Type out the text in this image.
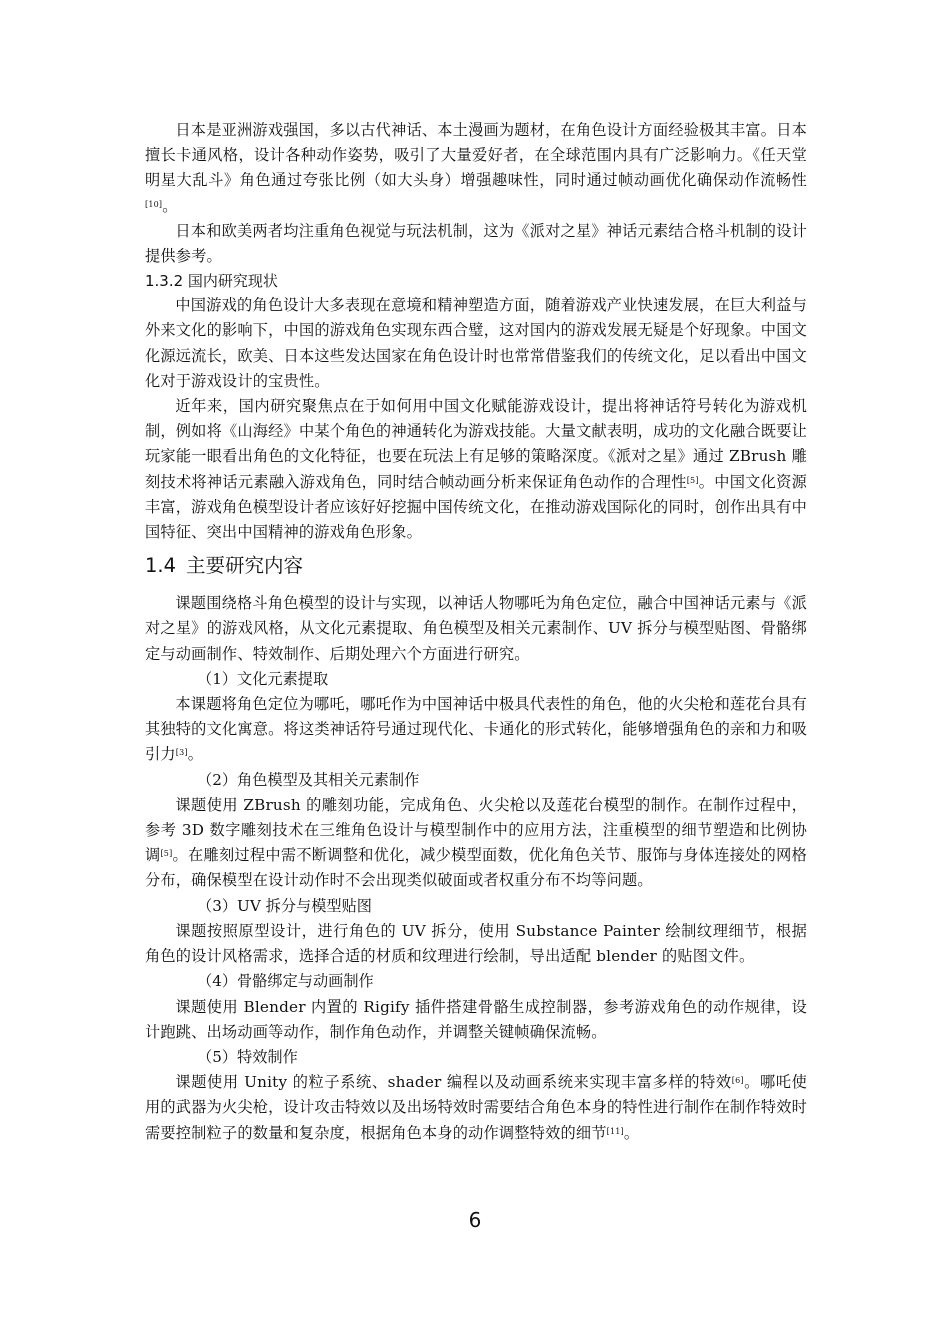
日本是亚洲游戏强国，多以古代神话、本土漫画为题材，在角色设计方面经验极其丰富。日本擅长卡通风格，设计各种动作姿势，吸引了大量爱好者，在全球范围内具有广泛影响力。《任天堂明星大乱斗》角色通过夸张比例（如大头身）增强趣味性，同时通过帧动画优化确保动作流畅性[10]。

日本和欧美两者均注重角色视觉与玩法机制，这为《派对之星》神话元素结合格斗机制的设计提供参考。

1.3.2 国内研究现状

中国游戏的角色设计大多表现在意境和精神塑造方面，随着游戏产业快速发展，在巨大利益与外来文化的影响下，中国的游戏角色实现东西合璧，这对国内的游戏发展无疑是个好现象。中国文化源远流长，欧美、日本这些发达国家在角色设计时也常常借鉴我们的传统文化，足以看出中国文化对于游戏设计的宝贵性。

近年来，国内研究聚焦点在于如何用中国文化赋能游戏设计，提出将神话符号转化为游戏机制，例如将《山海经》中某个角色的神通转化为游戏技能。大量文献表明，成功的文化融合既要让玩家能一眼看出角色的文化特征，也要在玩法上有足够的策略深度。《派对之星》通过 ZBrush 雕刻技术将神话元素融入游戏角色，同时结合帧动画分析来保证角色动作的合理性[5]。中国文化资源丰富，游戏角色模型设计者应该好好挖掘中国传统文化，在推动游戏国际化的同时，创作出具有中国特征、突出中国精神的游戏角色形象。

1.4 主要研究内容

课题围绕格斗角色模型的设计与实现，以神话人物哪吒为角色定位，融合中国神话元素与《派对之星》的游戏风格，从文化元素提取、角色模型及相关元素制作、UV 拆分与模型贴图、骨骼绑定与动画制作、特效制作、后期处理六个方面进行研究。

（1）文化元素提取

本课题将角色定位为哪吒，哪吒作为中国神话中极具代表性的角色，他的火尖枪和莲花台具有其独特的文化寓意。将这类神话符号通过现代化、卡通化的形式转化，能够增强角色的亲和力和吸引力[3]。

（2）角色模型及其相关元素制作

课题使用 ZBrush 的雕刻功能，完成角色、火尖枪以及莲花台模型的制作。在制作过程中，参考 3D 数字雕刻技术在三维角色设计与模型制作中的应用方法，注重模型的细节塑造和比例协调[5]。在雕刻过程中需不断调整和优化，减少模型面数，优化角色关节、服饰与身体连接处的网格分布，确保模型在设计动作时不会出现类似破面或者权重分布不均等问题。

（3）UV 拆分与模型贴图

课题按照原型设计，进行角色的 UV 拆分，使用 Substance Painter 绘制纹理细节，根据角色的设计风格需求，选择合适的材质和纹理进行绘制，导出适配 blender 的贴图文件。

（4）骨骼绑定与动画制作

课题使用 Blender 内置的 Rigify 插件搭建骨骼生成控制器，参考游戏角色的动作规律，设计跑跳、出场动画等动作，制作角色动作，并调整关键帧确保流畅。

（5）特效制作

课题使用 Unity 的粒子系统、shader 编程以及动画系统来实现丰富多样的特效[6]。哪吒使用的武器为火尖枪，设计攻击特效以及出场特效时需要结合角色本身的特性进行制作在制作特效时需要控制粒子的数量和复杂度，根据角色本身的动作调整特效的细节[11]。

6
